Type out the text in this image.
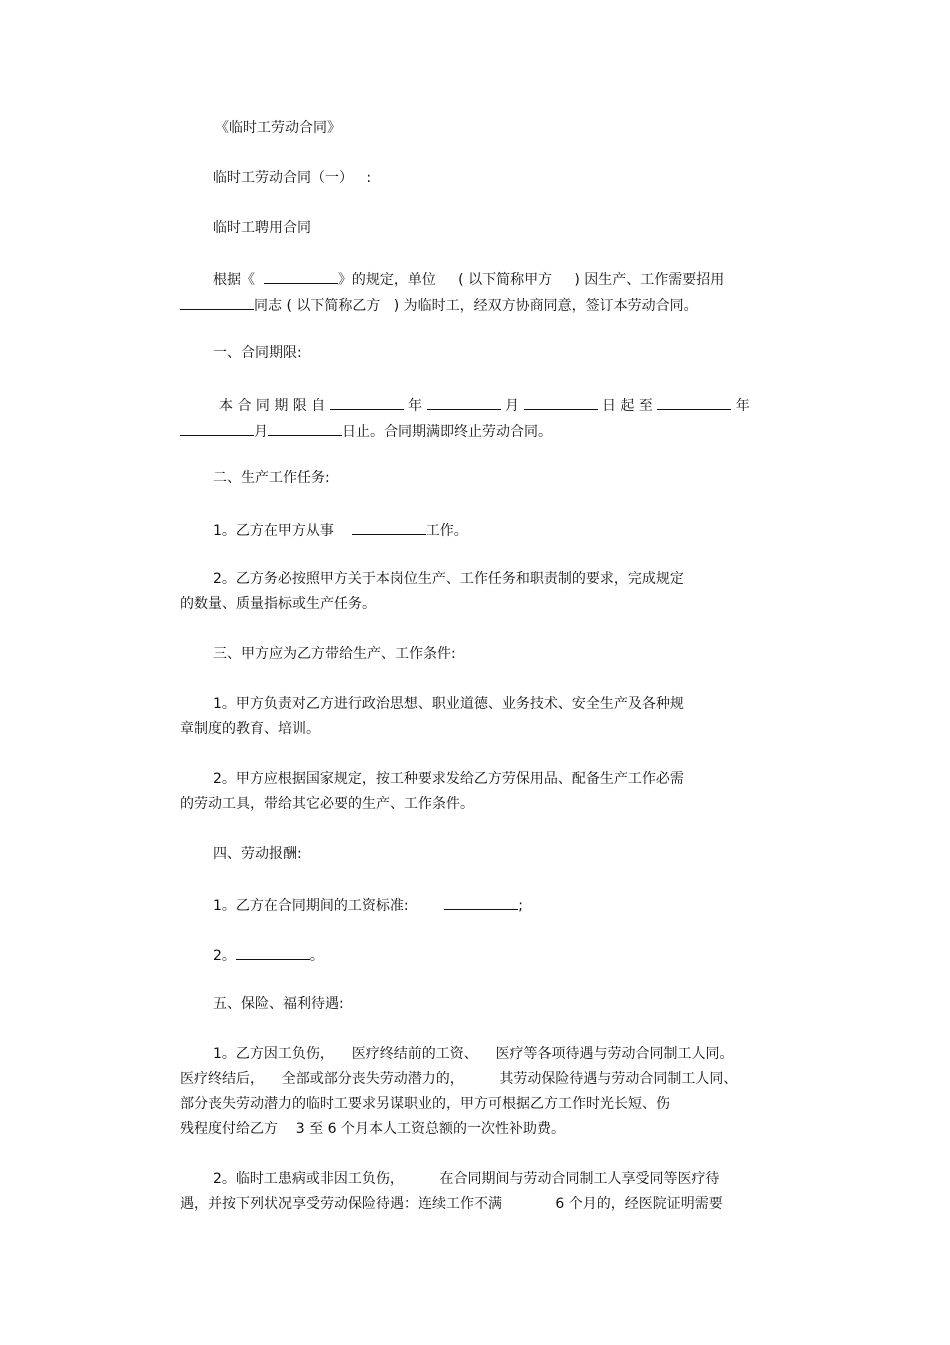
《临时工劳动合同》
临时工劳动合同（一）   :
临时工聘用合同
根据《	》的规定，单位     ( 以下简称甲方     ) 因生产、工作需要招用
同志 ( 以下简称乙方   ) 为临时工，经双方协商同意，签订本劳动合同。
一、合同期限:
本 合 同 期 限 自	年	月	日 起 至	年
月	日止。合同期满即终止劳动合同。
二、生产工作任务:
1。乙方在甲方从事	工作。
2。乙方务必按照甲方关于本岗位生产、工作任务和职责制的要求，完成规定
的数量、质量指标或生产任务。
三、甲方应为乙方带给生产、工作条件:
1。甲方负责对乙方进行政治思想、职业道德、业务技术、安全生产及各种规
章制度的教育、培训。
2。甲方应根据国家规定，按工种要求发给乙方劳保用品、配备生产工作必需
的劳动工具，带给其它必要的生产、工作条件。
四、劳动报酬:
1。乙方在合同期间的工资标准:	;
2。	。
五、保险、福利待遇:
1。乙方因工负伤，    医疗终结前的工资、    医疗等各项待遇与劳动合同制工人同。
医疗终结后，    全部或部分丧失劳动潜力的，        其劳动保险待遇与劳动合同制工人同、
部分丧失劳动潜力的临时工要求另谋职业的，甲方可根据乙方工作时光长短、伤
残程度付给乙方    3 至 6 个月本人工资总额的一次性补助费。
2。临时工患病或非因工负伤，        在合同期间与劳动合同制工人享受同等医疗待
遇，并按下列状况享受劳动保险待遇：连续工作不满            6 个月的，经医院证明需要
